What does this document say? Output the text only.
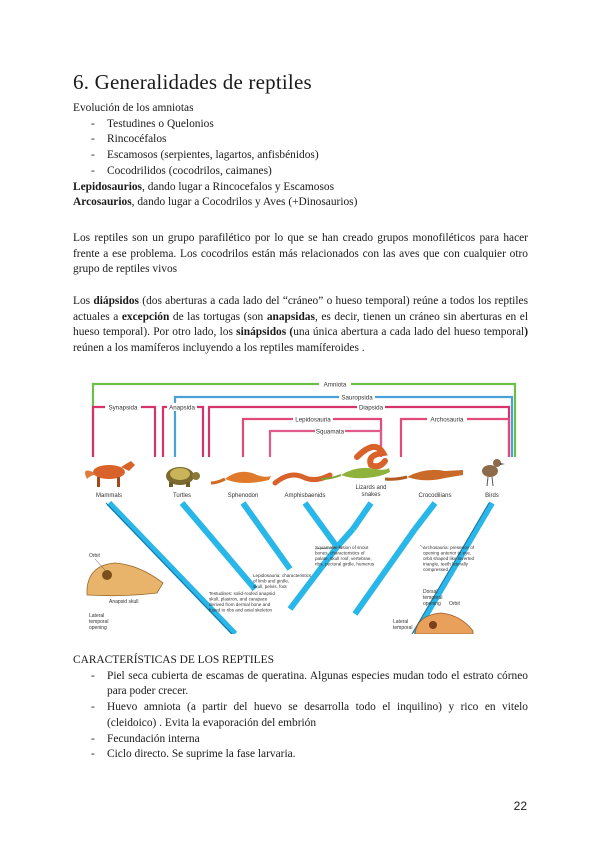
6. Generalidades de reptiles

Evolución de los amniotas

- Testudines o Quelonios
- Rincocéfalos
- Escamosos (serpientes, lagartos, anfisbénidos)
- Cocodrilidos (cocodrilos, caimanes)

Lepidosaurios, dando lugar a Rincocefalos y Escamosos

Arcosaurios, dando lugar a Cocodrilos y Aves (+Dinosaurios)

Los reptiles son un grupo parafilético por lo que se han creado grupos monofiléticos para hacer frente a ese problema. Los cocodrilos están más relacionados con las aves que con cualquier otro grupo de reptiles vivos

Los diápsidos (dos aberturas a cada lado del “cráneo” o hueso temporal) reúne a todos los reptiles actuales a excepción de las tortugas (son anapsidas, es decir, tienen un cráneo sin aberturas en el hueso temporal). Por otro lado, los sinápsidos (una única abertura a cada lado del hueso temporal) reúnen a los mamíferos incluyendo a los reptiles mamíferoides .

Amniota
Sauropsida
Diapsida
Synapsida	Anapsida
Lepidosauria	Archosauria
Squamata
Mammals	Turtles	Sphenodon	Amphisbaenids
Lizards and
snakes	Crocodilians	Birds
Squamata: fusion of snout
bones, characteristics of
palate, skull roof, vertebrae,
ribs, pectoral girdle, humerus
Archosauria: presence of
opening anterior to eye,
orbit shaped like inverted
triangle, teeth laterally
compressed
Lepidosauria: characteristics
of limb and girdle,
skull, pelvis, foot
Testudines: solid-roofed anapsid
skull, plastron, and carapace
derived from dermal bone and
fused to ribs and axial skeleton
Orbit
Anapsid skull
Lateral
temporal
opening
Dorsal
temporal
opening Orbit
Lateral
temporal

CARACTERÍSTICAS DE LOS REPTILES

- Piel seca cubierta de escamas de queratina. Algunas especies mudan todo el estrato córneo para poder crecer.
- Huevo amniota (a partir del huevo se desarrolla todo el inquilino) y rico en vitelo (cleidoico) . Evita la evaporación del embrión
- Fecundación interna
- Ciclo directo. Se suprime la fase larvaria.
22
